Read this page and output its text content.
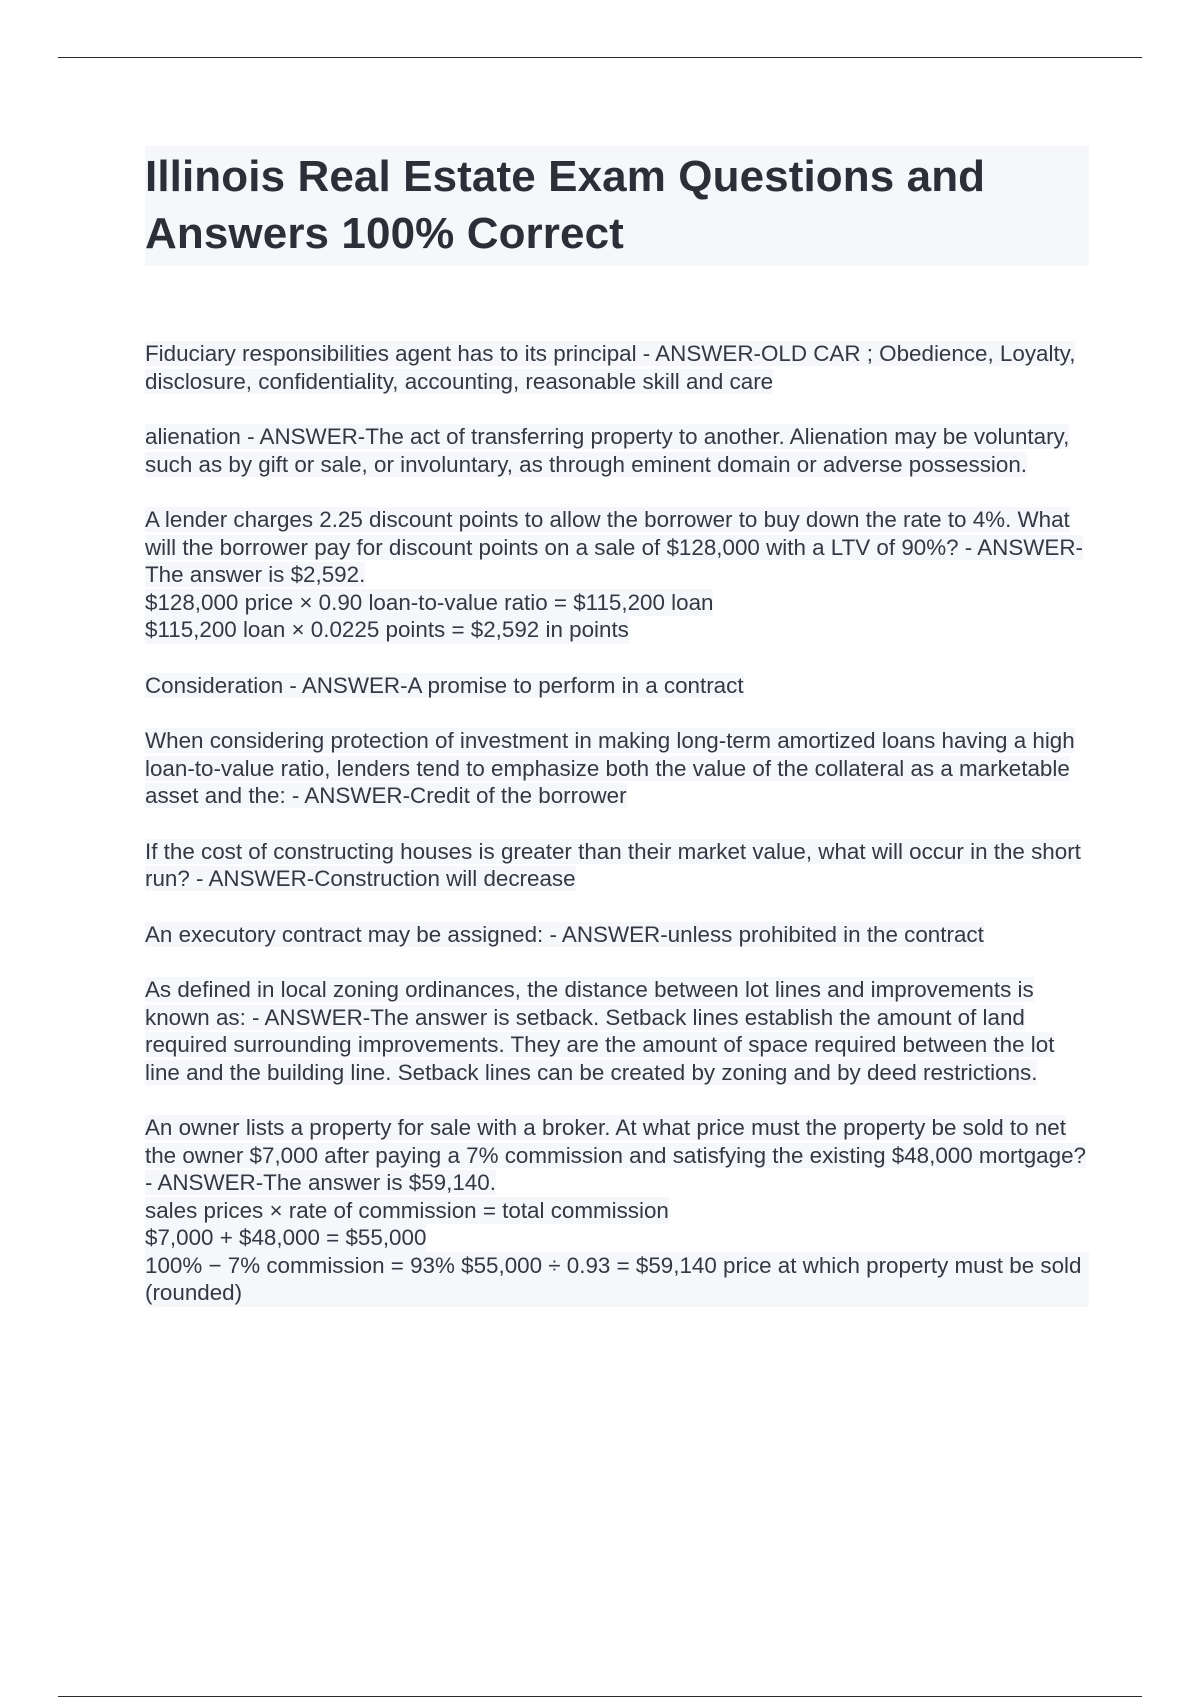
Illinois Real Estate Exam Questions and Answers 100% Correct

Fiduciary responsibilities agent has to its principal - ANSWER-OLD CAR ; Obedience, Loyalty, disclosure, confidentiality, accounting, reasonable skill and care

alienation - ANSWER-The act of transferring property to another. Alienation may be voluntary, such as by gift or sale, or involuntary, as through eminent domain or adverse possession.

A lender charges 2.25 discount points to allow the borrower to buy down the rate to 4%. What will the borrower pay for discount points on a sale of $128,000 with a LTV of 90%? - ANSWER-The answer is $2,592.
$128,000 price × 0.90 loan-to-value ratio = $115,200 loan
$115,200 loan × 0.0225 points = $2,592 in points

Consideration - ANSWER-A promise to perform in a contract

When considering protection of investment in making long-term amortized loans having a high loan-to-value ratio, lenders tend to emphasize both the value of the collateral as a marketable asset and the: - ANSWER-Credit of the borrower

If the cost of constructing houses is greater than their market value, what will occur in the short run? - ANSWER-Construction will decrease

An executory contract may be assigned: - ANSWER-unless prohibited in the contract

As defined in local zoning ordinances, the distance between lot lines and improvements is known as: - ANSWER-The answer is setback. Setback lines establish the amount of land required surrounding improvements. They are the amount of space required between the lot line and the building line. Setback lines can be created by zoning and by deed restrictions.

An owner lists a property for sale with a broker. At what price must the property be sold to net the owner $7,000 after paying a 7% commission and satisfying the existing $48,000 mortgage? - ANSWER-The answer is $59,140.
sales prices × rate of commission = total commission
$7,000 + $48,000 = $55,000
100% − 7% commission = 93% $55,000 ÷ 0.93 = $59,140 price at which property must be sold (rounded)
